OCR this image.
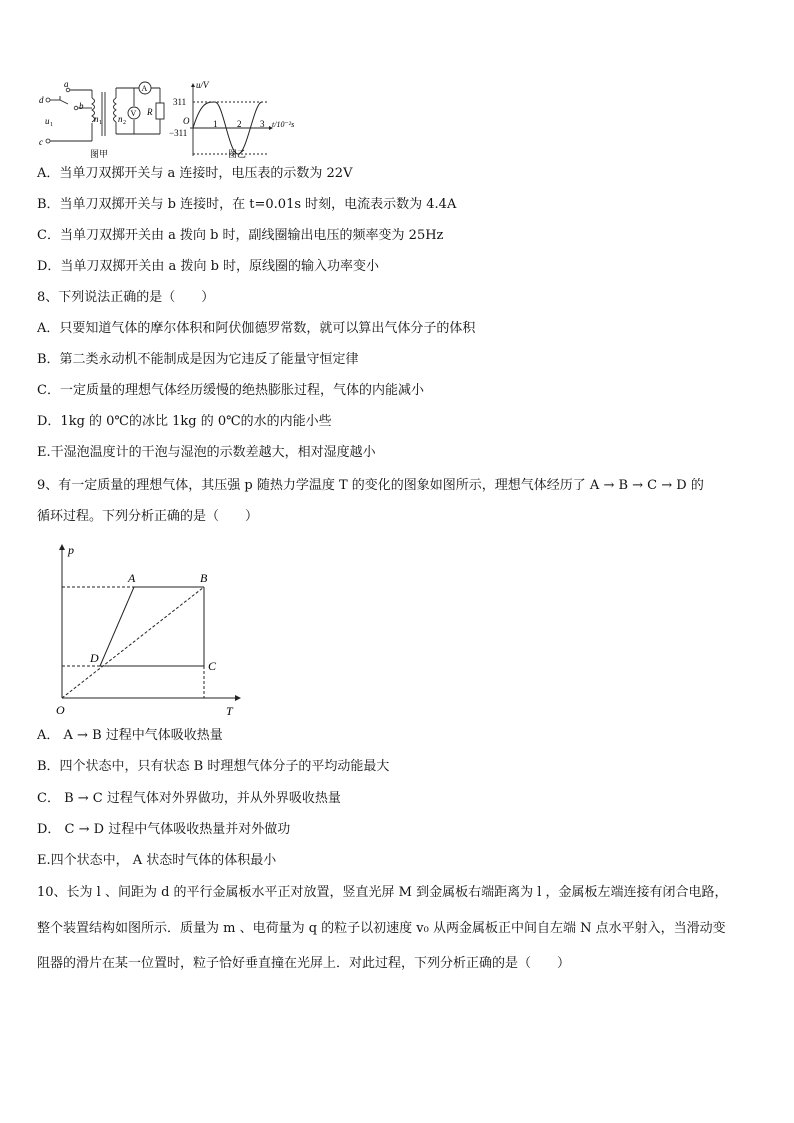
d
c
a
b
u 1
n 1 n 2
A
V R
u/V
311
O
−311
1 2 3 t/10⁻²s
图甲	图乙
A．当单刀双掷开关与 a 连接时，电压表的示数为 22V
B．当单刀双掷开关与 b 连接时，在 t=0.01s 时刻，电流表示数为 4.4A
C．当单刀双掷开关由 a 拨向 b 时，副线圈输出电压的频率变为 25Hz
D．当单刀双掷开关由 a 拨向 b 时，原线圈的输入功率变小
8、下列说法正确的是（　　）
A．只要知道气体的摩尔体积和阿伏伽德罗常数，就可以算出气体分子的体积
B．第二类永动机不能制成是因为它违反了能量守恒定律
C．一定质量的理想气体经历缓慢的绝热膨胀过程，气体的内能减小
D．1kg 的 0℃的冰比 1kg 的 0℃的水的内能小些
E.干湿泡温度计的干泡与湿泡的示数差越大，相对湿度越小
9、有一定质量的理想气体，其压强 p 随热力学温度 T 的变化的图象如图所示，理想气体经历了 A → B → C → D 的
循环过程。下列分析正确的是（　　）
p
T
O
A	B
C
D
A． A → B 过程中气体吸收热量
B．四个状态中，只有状态 B 时理想气体分子的平均动能最大
C． B → C 过程气体对外界做功，并从外界吸收热量
D． C → D 过程中气体吸收热量并对外做功
E.四个状态中， A 状态时气体的体积最小
10、长为 l 、间距为 d 的平行金属板水平正对放置，竖直光屏 M 到金属板右端距离为 l ，金属板左端连接有闭合电路，
整个装置结构如图所示．质量为 m 、电荷量为 q 的粒子以初速度 v₀ 从两金属板正中间自左端 N 点水平射入，当滑动变
阻器的滑片在某一位置时，粒子恰好垂直撞在光屏上．对此过程，下列分析正确的是（　　）
